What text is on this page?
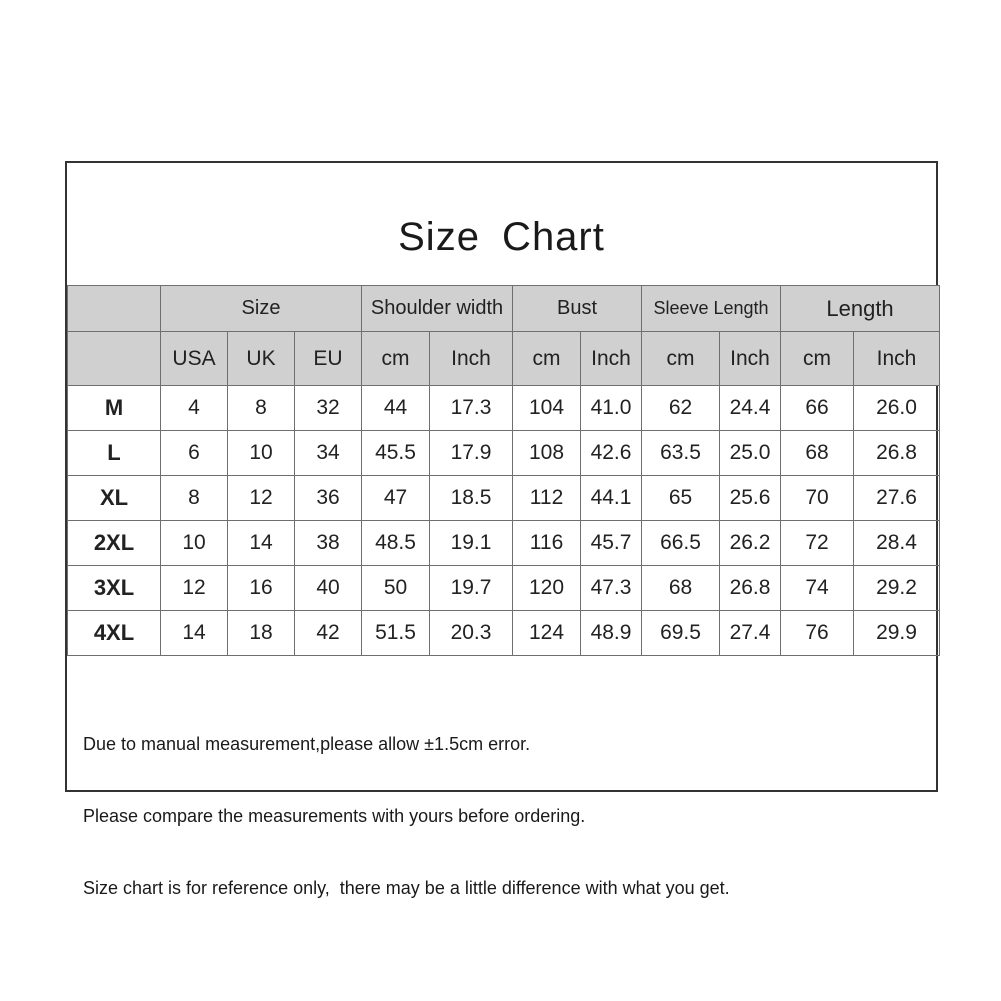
Size Chart
	Size			Shoulder width		Bust		Sleeve Length		Length	
	USA	UK	EU	cm	Inch	cm	Inch	cm	Inch	cm	Inch
M	4	8	32	44	17.3	104	41.0	62	24.4	66	26.0
L	6	10	34	45.5	17.9	108	42.6	63.5	25.0	68	26.8
XL	8	12	36	47	18.5	112	44.1	65	25.6	70	27.6
2XL	10	14	38	48.5	19.1	116	45.7	66.5	26.2	72	28.4
3XL	12	16	40	50	19.7	120	47.3	68	26.8	74	29.2
4XL	14	18	42	51.5	20.3	124	48.9	69.5	27.4	76	29.9

Due to manual measurement,please allow ±1.5cm error.

Please compare the measurements with yours before ordering.

Size chart is for reference only,  there may be a little difference with what you get.
